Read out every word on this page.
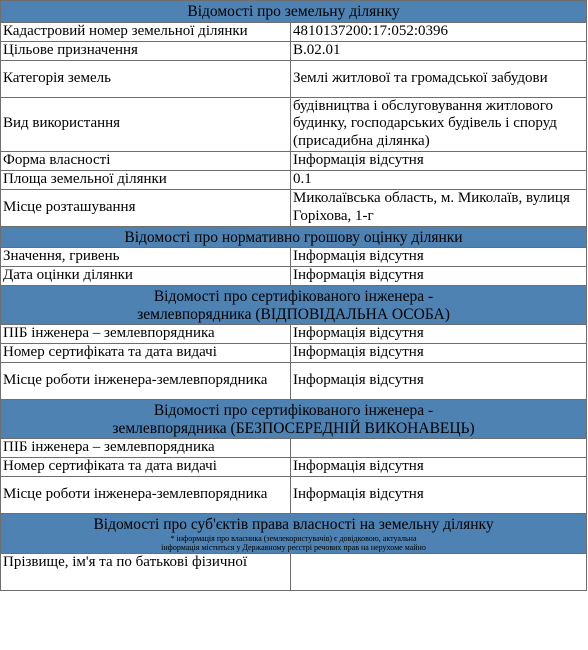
Відомості про земельну ділянку	
Кадастровий номер земельної ділянки	4810137200:17:052:0396
Цільове призначення	В.02.01
Категорія земель	Землі житлової та громадської забудови
Вид використання	будівництва і обслуговування житлового будинку, господарських будівель і споруд (присадибна ділянка)
Форма власності	Інформація відсутня
Площа земельної ділянки	0.1
Місце розташування	Миколаївська область, м. Миколаїв, вулиця Горіхова, 1-г
Відомості про нормативно грошову оцінку ділянки	
Значення, гривень	Інформація відсутня
Дата оцінки ділянки	Інформація відсутня

Відомості про сертифікованого інженера -
землевпорядника (ВІДПОВІДАЛЬНА ОСОБА)	

ПІБ інженера – землевпорядника	Інформація відсутня
Номер сертифіката та дата видачі	Інформація відсутня
Місце роботи інженера-землевпорядника	Інформація відсутня

Відомості про сертифікованого інженера -
землевпорядника (БЕЗПОСЕРЕДНІЙ ВИКОНАВЕЦЬ)	

ПІБ інженера – землевпорядника	
Номер сертифіката та дата видачі	Інформація відсутня
Місце роботи інженера-землевпорядника	Інформація відсутня

Відомості про суб'єктів права власності на земельну ділянку
* інформація про власника (землекористувачів) є довідковою, актуальна
інформація міститься у Державному реєстрі речових прав на нерухоме майно	

Прізвище, ім'я та по батькові фізичної	
